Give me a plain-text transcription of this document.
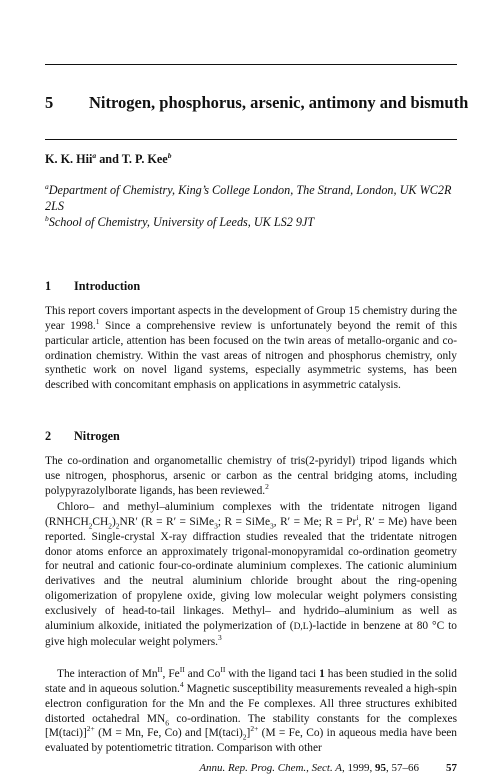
5 Nitrogen, phosphorus, arsenic, antimony and bismuth
K. K. Hii$^a$ and T. P. Kee$^b$
$^a$Department of Chemistry, King’s College London, The Strand, London, UK WC2R 2LS
$^b$School of Chemistry, University of Leeds, UK LS2 9JT
1 Introduction

This report covers important aspects in the development of Group 15 chemistry during the year 1998.$^1$ Since a comprehensive review is unfortunately beyond the remit of this particular article, attention has been focused on the twin areas of metallo-organic and co-ordination chemistry. Within the vast areas of nitrogen and phosphorus chemistry, only synthetic work on novel ligand systems, especially asymmetric systems, has been described with concomitant emphasis on applications in asymmetric catalysis.

2 Nitrogen

The co-ordination and organometallic chemistry of tris(2-pyridyl) tripod ligands which use nitrogen, phosphorus, arsenic or carbon as the central bridging atoms, including polypyrazolylborate ligands, has been reviewed.$^2$

Chloro– and methyl–aluminium complexes with the tridentate nitrogen ligand $(RNHCH_2CH_2)_2NR'$ (R = R′ = SiMe$_3$; R = SiMe$_3$, R′ = Me; $R = Pr^i$, R′ = Me) have been reported. Single-crystal X-ray diffraction studies revealed that the tridentate nitrogen donor atoms enforce an approximately trigonal-monopyramidal co-ordination geometry for neutral and cationic four-co-ordinate aluminium complexes. The cationic aluminium derivatives and the neutral aluminium chloride brought about the ring-opening oligomerization of propylene oxide, giving low molecular weight polymers consisting exclusively of head-to-tail linkages. Methyl– and hydrido–aluminium as well as aluminium alkoxide, initiated the polymerization of (D,L)-lactide in benzene at 80 °C to give high molecular weight polymers.$^3$

The interaction of $Mn^{II}$, $Fe^{II}$ and $Co^{II}$ with the ligand taci 1 has been studied in the solid state and in aqueous solution.$^4$ Magnetic susceptibility measurements revealed a high-spin electron configuration for the Mn and the Fe complexes. All three structures exhibited distorted octahedral $MN_6$ co-ordination. The stability constants for the complexes [M(taci)]$^{2+}$ (M = Mn, Fe, Co) and $[M(taci)_2]^{2+}$ (M = Fe, Co) in aqueous media have been evaluated by potentiometric titration. Comparison with other

Annu. Rep. Prog. Chem., Sect. A, 1999, 95, 57–66 57
